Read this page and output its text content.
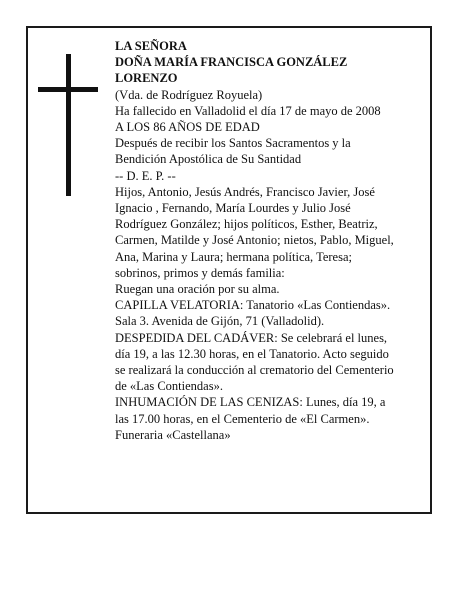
LA SEÑORA
DOÑA MARÍA FRANCISCA GONZÁLEZ
LORENZO
(Vda. de Rodríguez Royuela)
Ha fallecido en Valladolid el día 17 de mayo de 2008
A LOS 86 AÑOS DE EDAD
Después de recibir los Santos Sacramentos y la
Bendición Apostólica de Su Santidad
-- D. E. P. --
Hijos, Antonio, Jesús Andrés, Francisco Javier, José
Ignacio , Fernando, María Lourdes y Julio José
Rodríguez González; hijos políticos, Esther, Beatriz,
Carmen, Matilde y José Antonio; nietos, Pablo, Miguel,
Ana, Marina y Laura; hermana política, Teresa;
sobrinos, primos y demás familia:
Ruegan una oración por su alma.
CAPILLA VELATORIA: Tanatorio «Las Contiendas».
Sala 3. Avenida de Gijón, 71 (Valladolid).
DESPEDIDA DEL CADÁVER: Se celebrará el lunes,
día 19, a las 12.30 horas, en el Tanatorio. Acto seguido
se realizará la conducción al crematorio del Cementerio
de «Las Contiendas».
INHUMACIÓN DE LAS CENIZAS: Lunes, día 19, a
las 17.00 horas, en el Cementerio de «El Carmen».
Funeraria «Castellana»
